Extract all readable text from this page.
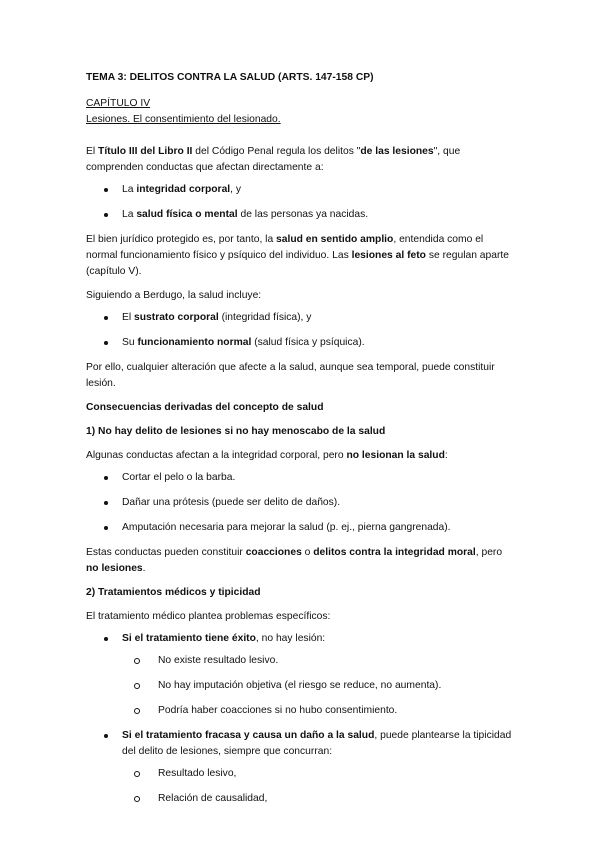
TEMA 3: DELITOS CONTRA LA SALUD (ARTS. 147-158 CP)

CAPÍTULO IV

Lesiones. El consentimiento del lesionado.

El Título III del Libro II del Código Penal regula los delitos "de las lesiones", que comprenden conductas que afectan directamente a:

La integridad corporal, y
La salud física o mental de las personas ya nacidas.

El bien jurídico protegido es, por tanto, la salud en sentido amplio, entendida como el normal funcionamiento físico y psíquico del individuo. Las lesiones al feto se regulan aparte (capítulo V).

Siguiendo a Berdugo, la salud incluye:

El sustrato corporal (integridad física), y
Su funcionamiento normal (salud física y psíquica).

Por ello, cualquier alteración que afecte a la salud, aunque sea temporal, puede constituir lesión.

Consecuencias derivadas del concepto de salud

1) No hay delito de lesiones si no hay menoscabo de la salud

Algunas conductas afectan a la integridad corporal, pero no lesionan la salud:

Cortar el pelo o la barba.
Dañar una prótesis (puede ser delito de daños).
Amputación necesaria para mejorar la salud (p. ej., pierna gangrenada).

Estas conductas pueden constituir coacciones o delitos contra la integridad moral, pero no lesiones.

2) Tratamientos médicos y tipicidad

El tratamiento médico plantea problemas específicos:

Si el tratamiento tiene éxito, no hay lesión:
No existe resultado lesivo.
No hay imputación objetiva (el riesgo se reduce, no aumenta).
Podría haber coacciones si no hubo consentimiento.
Si el tratamiento fracasa y causa un daño a la salud, puede plantearse la tipicidad del delito de lesiones, siempre que concurran:
Resultado lesivo,
Relación de causalidad,
